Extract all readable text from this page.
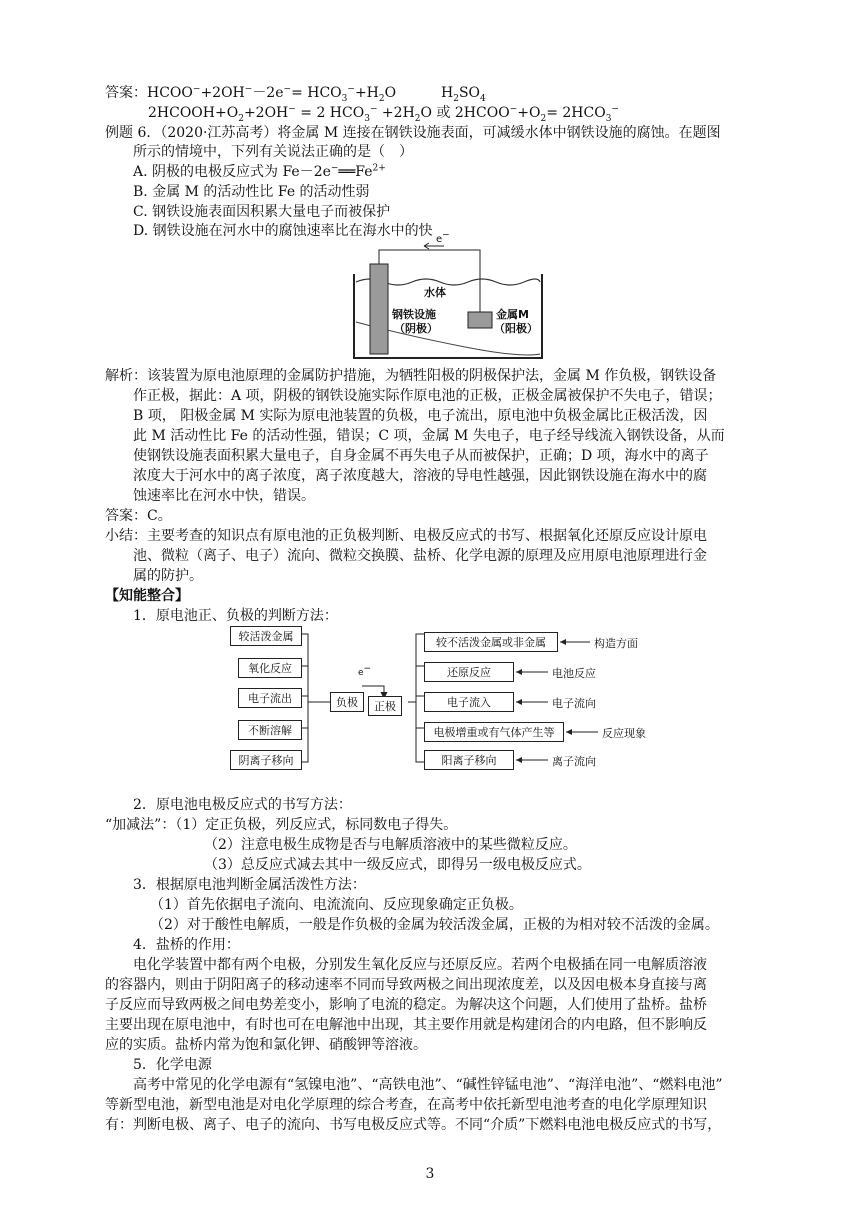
答案：HCOO−+2OH−－2e−= $HCO_3^-+H_2O$	$H_2SO_4$
$2HCOOH+O_2+2OH^- = 2$ $HCO_3^- +2H_2O$ 或 $2HCOO^-+O_2= 2HCO_3^-$
例题 6．（2020·江苏高考）将金属 M 连接在钢铁设施表面，可减缓水体中钢铁设施的腐蚀。在题图
所示的情境中，下列有关说法正确的是（　）
A. 阴极的电极反应式为 $Fe-2e^-══Fe^{2+}$
B. 金属 M 的活动性比 Fe 的活动性弱
C. 钢铁设施表面因积累大量电子而被保护
D. 钢铁设施在河水中的腐蚀速率比在海水中的快
e−
水体
钢铁设施
（阴极）
金属M
（阳极）
解析：该装置为原电池原理的金属防护措施，为牺牲阳极的阴极保护法，金属 M 作负极，钢铁设备
作正极，据此：A 项，阴极的钢铁设施实际作原电池的正极，正极金属被保护不失电子，错误；
B 项， 阳极金属 M 实际为原电池装置的负极，电子流出，原电池中负极金属比正极活泼，因
此 M 活动性比 Fe 的活动性强，错误；C 项，金属 M 失电子，电子经导线流入钢铁设备，从而
使钢铁设施表面积累大量电子，自身金属不再失电子从而被保护，正确；D 项，海水中的离子
浓度大于河水中的离子浓度，离子浓度越大，溶液的导电性越强，因此钢铁设施在海水中的腐
蚀速率比在河水中快，错误。
答案：C。
小结：主要考查的知识点有原电池的正负极判断、电极反应式的书写、根据氧化还原反应设计原电
池、微粒（离子、电子）流向、微粒交换膜、盐桥、化学电源的原理及应用原电池原理进行金
属的防护。
【知能整合】
1．原电池正、负极的判断方法：
较活泼金属
氧化反应
电子流出
不断溶解
阴离子移向
负极	正极
e−
较不活泼金属或非金属
还原反应
电子流入
电极增重或有气体产生等
阳离子移向
构造方面
电池反应
电子流向
反应现象
离子流向
2．原电池电极反应式的书写方法：
“加减法”：（1）定正负极，列反应式，标同数电子得失。
（2）注意电极生成物是否与电解质溶液中的某些微粒反应。
（3）总反应式减去其中一级反应式，即得另一级电极反应式。
3．根据原电池判断金属活泼性方法：
（1）首先依据电子流向、电流流向、反应现象确定正负极。
（2）对于酸性电解质，一般是作负极的金属为较活泼金属，正极的为相对较不活泼的金属。
4．盐桥的作用：
电化学装置中都有两个电极，分别发生氧化反应与还原反应。若两个电极插在同一电解质溶液
的容器内，则由于阴阳离子的移动速率不同而导致两极之间出现浓度差，以及因电极本身直接与离
子反应而导致两极之间电势差变小，影响了电流的稳定。为解决这个问题，人们使用了盐桥。盐桥
主要出现在原电池中，有时也可在电解池中出现，其主要作用就是构建闭合的内电路，但不影响反
应的实质。盐桥内常为饱和氯化钾、硝酸钾等溶液。
5．化学电源
高考中常见的化学电源有“氢镍电池”、“高铁电池”、“碱性锌锰电池”、“海洋电池”、“燃料电池”
等新型电池，新型电池是对电化学原理的综合考查，在高考中依托新型电池考查的电化学原理知识
有：判断电极、离子、电子的流向、书写电极反应式等。不同“介质”下燃料电池电极反应式的书写，
3
